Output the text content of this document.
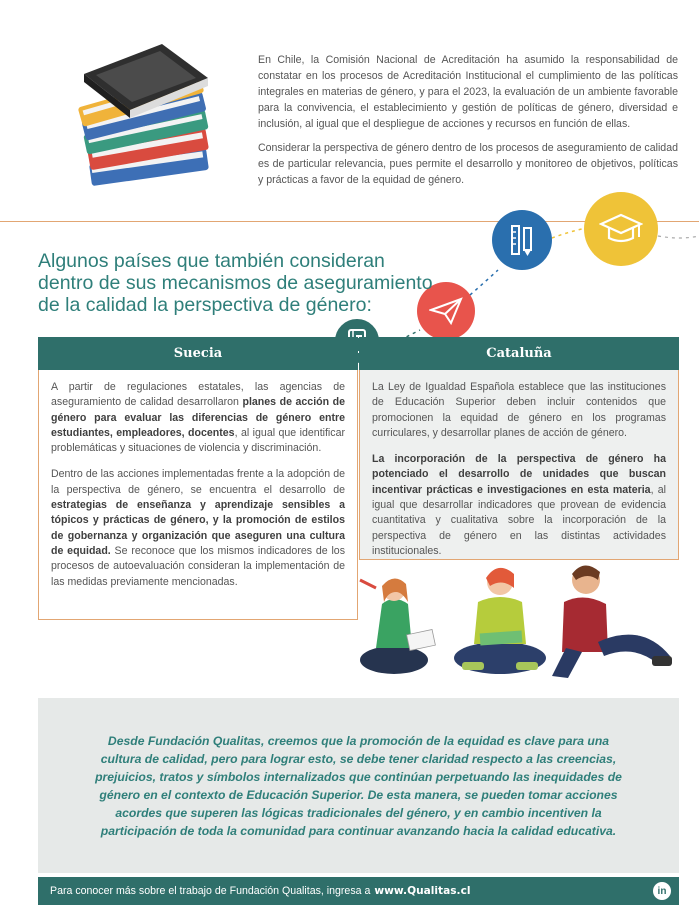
En Chile, la Comisión Nacional de Acreditación ha asumido la responsabilidad de constatar en los procesos de Acreditación Institucional el cumplimiento de las políticas integrales en materias de género, y para el 2023, la evaluación de un ambiente favorable para la convivencia, el establecimiento y gestión de políticas de género, diversidad e inclusión, al igual que el despliegue de acciones y recursos en función de ellas.

Considerar la perspectiva de género dentro de los procesos de aseguramiento de calidad es de particular relevancia, pues permite el desarrollo y monitoreo de objetivos, políticas y prácticas a favor de la equidad de género.

Algunos países que también consideran dentro de sus mecanismos de aseguramiento de la calidad la perspectiva de género:
Suecia

A partir de regulaciones estatales, las agencias de aseguramiento de calidad desarrollaron planes de acción de género para evaluar las diferencias de género entre estudiantes, empleadores, docentes, al igual que identificar problemáticas y situaciones de violencia y discriminación.

Dentro de las acciones implementadas frente a la adopción de la perspectiva de género, se encuentra el desarrollo de estrategias de enseñanza y aprendizaje sensibles a tópicos y prácticas de género, y la promoción de estilos de gobernanza y organización que aseguren una cultura de equidad. Se reconoce que los mismos indicadores de los procesos de autoevaluación consideran la implementación de las medidas previamente mencionadas.

Cataluña

La Ley de Igualdad Española establece que las instituciones de Educación Superior deben incluir contenidos que promocionen la equidad de género en los programas curriculares, y desarrollar planes de acción de género.

La incorporación de la perspectiva de género ha potenciado el desarrollo de unidades que buscan incentivar prácticas e investigaciones en esta materia, al igual que desarrollar indicadores que provean de evidencia cuantitativa y cualitativa sobre la incorporación de la perspectiva de género en las distintas actividades institucionales.

Desde Fundación Qualitas, creemos que la promoción de la equidad es clave para una cultura de calidad, pero para lograr esto, se debe tener claridad respecto a las creencias, prejuicios, tratos y símbolos internalizados que continúan perpetuando las inequidades de género en el contexto de Educación Superior. De esta manera, se pueden tomar acciones acordes que superen las lógicas tradicionales del género, y en cambio incentiven la participación de toda la comunidad para continuar avanzando hacia la calidad educativa.

Para conocer más sobre el trabajo de Fundación Qualitas, ingresa a www.Qualitas.cl	in
